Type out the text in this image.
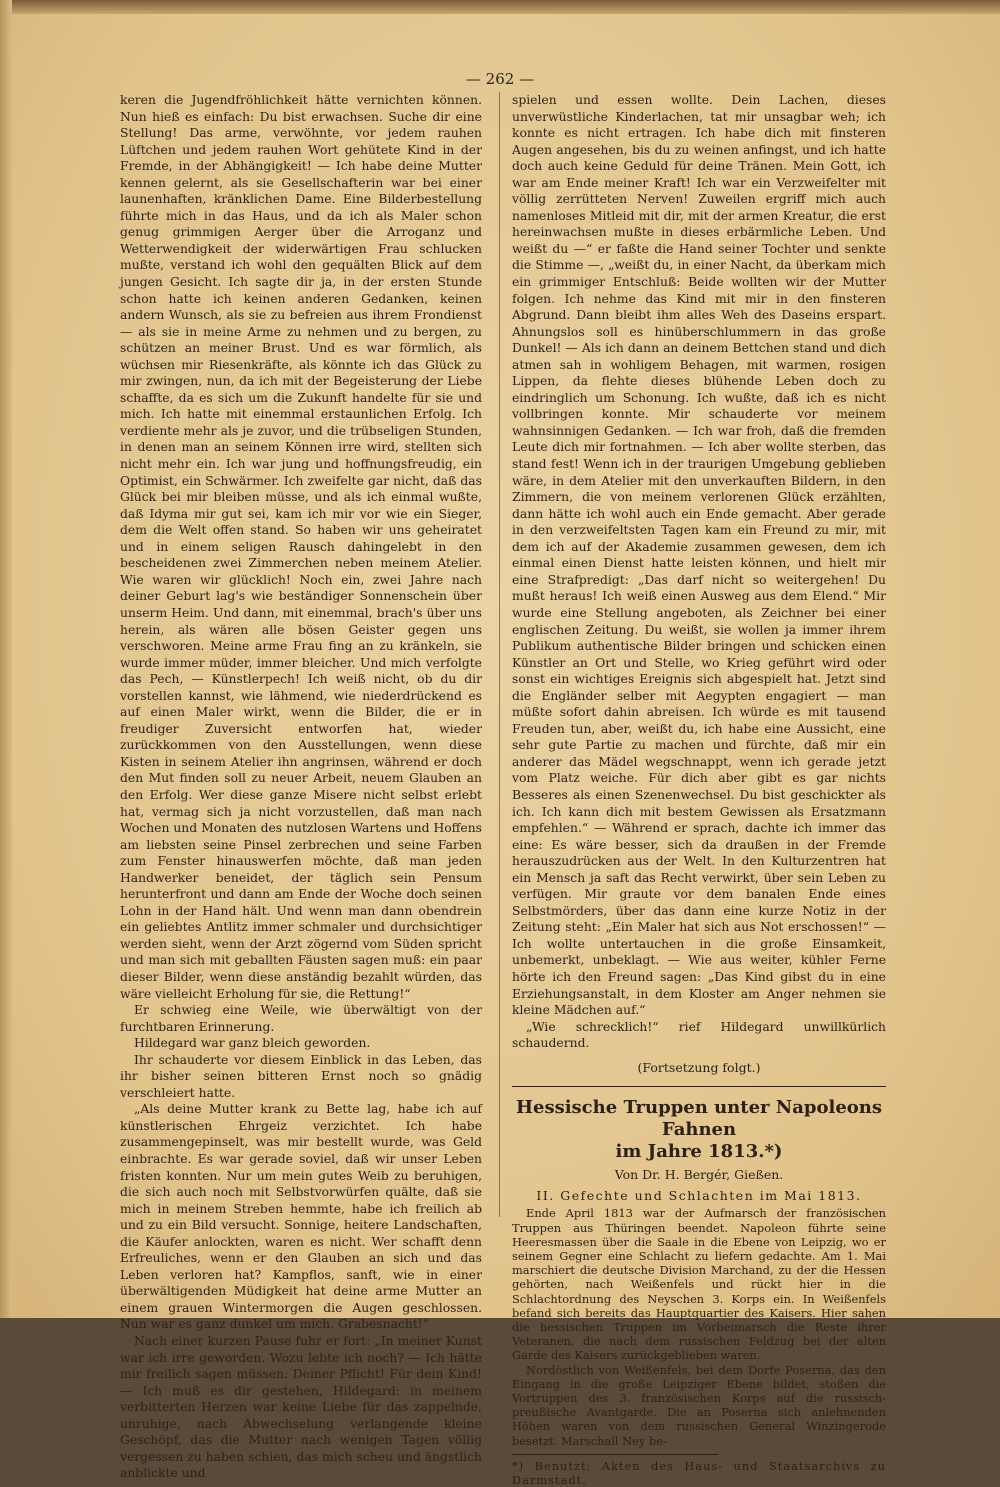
— 262 —

keren die Jugendfröhlichkeit hätte vernichten können. Nun hieß es einfach: Du bist erwachsen. Suche dir eine Stellung! Das arme, verwöhnte, vor jedem rauhen Lüftchen und jedem rauhen Wort gehütete Kind in der Fremde, in der Abhängigkeit! — Ich habe deine Mutter kennen gelernt, als sie Gesellschafterin war bei einer launenhaften, kränklichen Dame. Eine Bilderbestellung führte mich in das Haus, und da ich als Maler schon genug grimmigen Aerger über die Arroganz und Wetterwendigkeit der widerwärtigen Frau schlucken mußte, verstand ich wohl den gequälten Blick auf dem jungen Gesicht. Ich sagte dir ja, in der ersten Stunde schon hatte ich keinen anderen Gedanken, keinen andern Wunsch, als sie zu befreien aus ihrem Frondienst — als sie in meine Arme zu nehmen und zu bergen, zu schützen an meiner Brust. Und es war förmlich, als wüchsen mir Riesenkräfte, als könnte ich das Glück zu mir zwingen, nun, da ich mit der Begeisterung der Liebe schaffte, da es sich um die Zukunft handelte für sie und mich. Ich hatte mit einemmal erstaunlichen Erfolg. Ich verdiente mehr als je zuvor, und die trübseligen Stunden, in denen man an seinem Können irre wird, stellten sich nicht mehr ein. Ich war jung und hoffnungsfreudig, ein Optimist, ein Schwärmer. Ich zweifelte gar nicht, daß das Glück bei mir bleiben müsse, und als ich einmal wußte, daß Idyma mir gut sei, kam ich mir vor wie ein Sieger, dem die Welt offen stand. So haben wir uns geheiratet und in einem seligen Rausch dahingelebt in den bescheidenen zwei Zimmerchen neben meinem Atelier. Wie waren wir glücklich! Noch ein, zwei Jahre nach deiner Geburt lag's wie beständiger Sonnenschein über unserm Heim. Und dann, mit einemmal, brach's über uns herein, als wären alle bösen Geister gegen uns verschworen. Meine arme Frau fing an zu kränkeln, sie wurde immer müder, immer bleicher. Und mich verfolgte das Pech, — Künstlerpech! Ich weiß nicht, ob du dir vorstellen kannst, wie lähmend, wie niederdrückend es auf einen Maler wirkt, wenn die Bilder, die er in freudiger Zuversicht entworfen hat, wieder zurückkommen von den Ausstellungen, wenn diese Kisten in seinem Atelier ihn angrinsen, während er doch den Mut finden soll zu neuer Arbeit, neuem Glauben an den Erfolg. Wer diese ganze Misere nicht selbst erlebt hat, vermag sich ja nicht vorzustellen, daß man nach Wochen und Monaten des nutzlosen Wartens und Hoffens am liebsten seine Pinsel zerbrechen und seine Farben zum Fenster hinauswerfen möchte, daß man jeden Handwerker beneidet, der täglich sein Pensum herunterfront und dann am Ende der Woche doch seinen Lohn in der Hand hält. Und wenn man dann obendrein ein geliebtes Antlitz immer schmaler und durchsichtiger werden sieht, wenn der Arzt zögernd vom Süden spricht und man sich mit geballten Fäusten sagen muß: ein paar dieser Bilder, wenn diese anständig bezahlt würden, das wäre vielleicht Erholung für sie, die Rettung!“

Er schwieg eine Weile, wie überwältigt von der furchtbaren Erinnerung.

Hildegard war ganz bleich geworden.

Ihr schauderte vor diesem Einblick in das Leben, das ihr bisher seinen bitteren Ernst noch so gnädig verschleiert hatte.

„Als deine Mutter krank zu Bette lag, habe ich auf künstlerischen Ehrgeiz verzichtet. Ich habe zusammengepinselt, was mir bestellt wurde, was Geld einbrachte. Es war gerade soviel, daß wir unser Leben fristen konnten. Nur um mein gutes Weib zu beruhigen, die sich auch noch mit Selbstvorwürfen quälte, daß sie mich in meinem Streben hemmte, habe ich freilich ab und zu ein Bild versucht. Sonnige, heitere Landschaften, die Käufer anlockten, waren es nicht. Wer schafft denn Erfreuliches, wenn er den Glauben an sich und das Leben verloren hat? Kampflos, sanft, wie in einer überwältigenden Müdigkeit hat deine arme Mutter an einem grauen Wintermorgen die Augen geschlossen. Nun war es ganz dunkel um mich. Grabesnacht!“

Nach einer kurzen Pause fuhr er fort: „In meiner Kunst war ich irre geworden. Wozu lebte ich noch? — Ich hätte mir freilich sagen müssen: Deiner Pflicht! Für dein Kind! — Ich muß es dir gestehen, Hildegard: in meinem verbitterten Herzen war keine Liebe für das zappelnde, unruhige, nach Abwechselung verlangende kleine Geschöpf, das die Mutter nach wenigen Tagen völlig vergessen zu haben schien, das mich scheu und ängstlich anblickte und

spielen und essen wollte. Dein Lachen, dieses unverwüstliche Kinderlachen, tat mir unsagbar weh; ich konnte es nicht ertragen. Ich habe dich mit finsteren Augen angesehen, bis du zu weinen anfingst, und ich hatte doch auch keine Geduld für deine Tränen. Mein Gott, ich war am Ende meiner Kraft! Ich war ein Verzweifelter mit völlig zerrütteten Nerven! Zuweilen ergriff mich auch namenloses Mitleid mit dir, mit der armen Kreatur, die erst hereinwachsen mußte in dieses erbärmliche Leben. Und weißt du —“ er faßte die Hand seiner Tochter und senkte die Stimme —, „weißt du, in einer Nacht, da überkam mich ein grimmiger Entschluß: Beide wollten wir der Mutter folgen. Ich nehme das Kind mit mir in den finsteren Abgrund. Dann bleibt ihm alles Weh des Daseins erspart. Ahnungslos soll es hinüberschlummern in das große Dunkel! — Als ich dann an deinem Bettchen stand und dich atmen sah in wohligem Behagen, mit warmen, rosigen Lippen, da flehte dieses blühende Leben doch zu eindringlich um Schonung. Ich wußte, daß ich es nicht vollbringen konnte. Mir schauderte vor meinem wahnsinnigen Gedanken. — Ich war froh, daß die fremden Leute dich mir fortnahmen. — Ich aber wollte sterben, das stand fest! Wenn ich in der traurigen Umgebung geblieben wäre, in dem Atelier mit den unverkauften Bildern, in den Zimmern, die von meinem verlorenen Glück erzählten, dann hätte ich wohl auch ein Ende gemacht. Aber gerade in den verzweifeltsten Tagen kam ein Freund zu mir, mit dem ich auf der Akademie zusammen gewesen, dem ich einmal einen Dienst hatte leisten können, und hielt mir eine Strafpredigt: „Das darf nicht so weitergehen! Du mußt heraus! Ich weiß einen Ausweg aus dem Elend.“ Mir wurde eine Stellung angeboten, als Zeichner bei einer englischen Zeitung. Du weißt, sie wollen ja immer ihrem Publikum authentische Bilder bringen und schicken einen Künstler an Ort und Stelle, wo Krieg geführt wird oder sonst ein wichtiges Ereignis sich abgespielt hat. Jetzt sind die Engländer selber mit Aegypten engagiert — man müßte sofort dahin abreisen. Ich würde es mit tausend Freuden tun, aber, weißt du, ich habe eine Aussicht, eine sehr gute Partie zu machen und fürchte, daß mir ein anderer das Mädel wegschnappt, wenn ich gerade jetzt vom Platz weiche. Für dich aber gibt es gar nichts Besseres als einen Szenenwechsel. Du bist geschickter als ich. Ich kann dich mit bestem Gewissen als Ersatzmann empfehlen.“ — Während er sprach, dachte ich immer das eine: Es wäre besser, sich da draußen in der Fremde herauszudrücken aus der Welt. In den Kulturzentren hat ein Mensch ja saft das Recht verwirkt, über sein Leben zu verfügen. Mir graute vor dem banalen Ende eines Selbstmörders, über das dann eine kurze Notiz in der Zeitung steht: „Ein Maler hat sich aus Not erschossen!“ — Ich wollte untertauchen in die große Einsamkeit, unbemerkt, unbeklagt. — Wie aus weiter, kühler Ferne hörte ich den Freund sagen: „Das Kind gibst du in eine Erziehungsanstalt, in dem Kloster am Anger nehmen sie kleine Mädchen auf.“

„Wie schrecklich!“ rief Hildegard unwillkürlich schaudernd.

(Fortsetzung folgt.)
Hessische Truppen unter Napoleons Fahnen
im Jahre 1813.*)
Von Dr. H. Bergér, Gießen.
II. Gefechte und Schlachten im Mai 1813.

Ende April 1813 war der Aufmarsch der französischen Truppen aus Thüringen beendet. Napoleon führte seine Heeresmassen über die Saale in die Ebene von Leipzig, wo er seinem Gegner eine Schlacht zu liefern gedachte. Am 1. Mai marschiert die deutsche Division Marchand, zu der die Hessen gehörten, nach Weißenfels und rückt hier in die Schlachtordnung des Neyschen 3. Korps ein. In Weißenfels befand sich bereits das Hauptquartier des Kaisers. Hier sahen die hessischen Truppen im Vorbeimarsch die Reste ihrer Veteranen, die nach dem russischen Feldzug bei der alten Garde des Kaisers zurückgeblieben waren.

Nordöstlich von Weißenfels, bei dem Dorfe Poserna, das den Eingang in die große Leipziger Ebene bildet, stoßen die Vortruppen des 3. französischen Korps auf die russisch-preußische Avantgarde. Die an Poserna sich anlehnenden Höhen waren von dem russischen General Winzingerode besetzt. Marschall Ney be-

*) Benutzt: Akten des Haus- und Staatsarchivs zu Darmstadt.
